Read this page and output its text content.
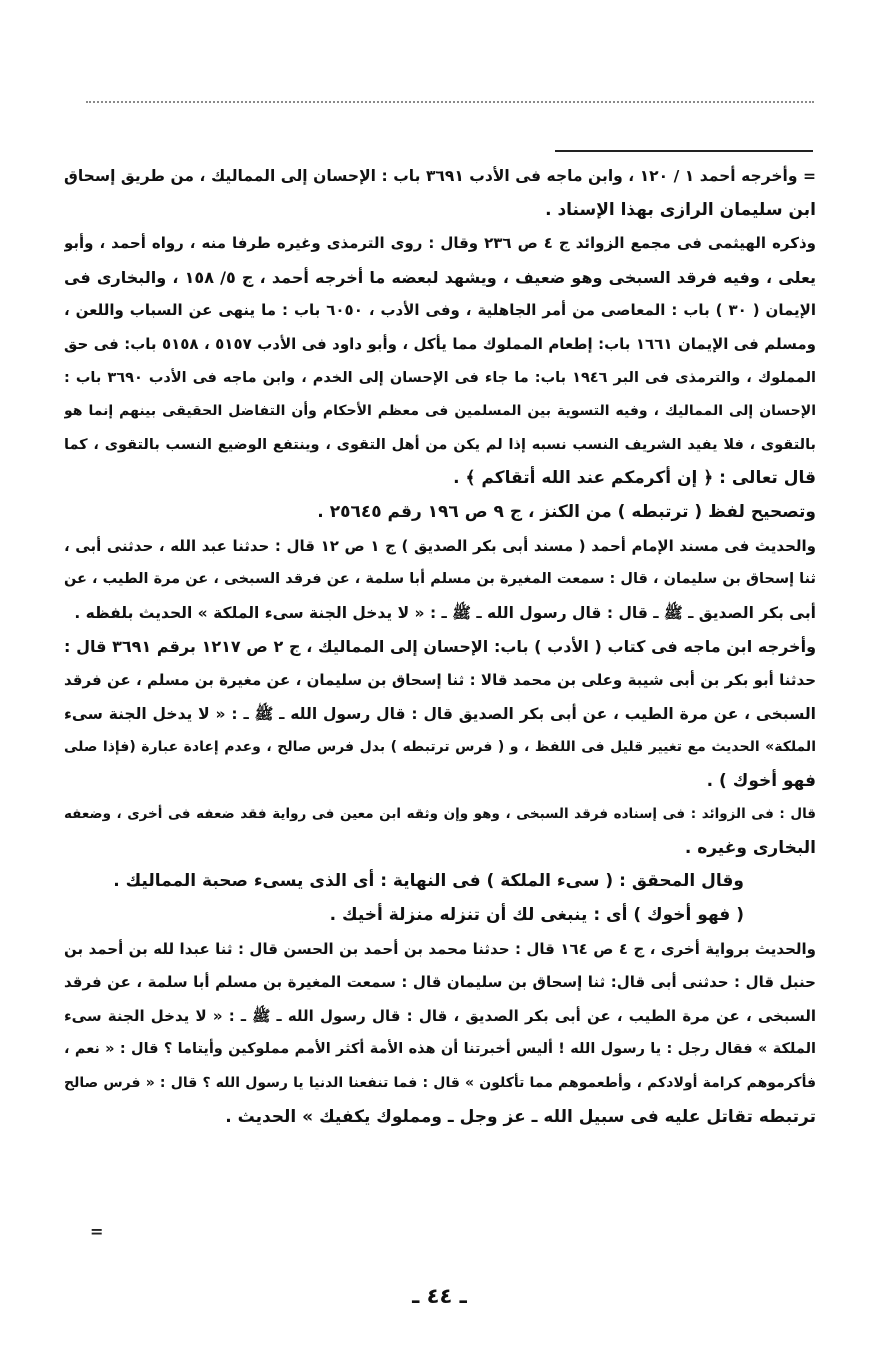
= وأخرجه أحمد ١ / ١٢٠ ، وابن ماجه فى الأدب ٣٦٩١ باب : الإحسان إلى المماليك ، من طريق إسحاق
ابن سليمان الرازى بهذا الإسناد .
وذكره الهيثمى فى مجمع الزوائد ج ٤ ص ٢٣٦ وقال : روى الترمذى وغيره طرفا منه ، رواه أحمد ، وأبو
يعلى ، وفيه فرقد السبخى وهو ضعيف ، ويشهد لبعضه ما أخرجه أحمد ، ج ٥/ ١٥٨ ، والبخارى فى
الإيمان ( ٣٠ ) باب : المعاصى من أمر الجاهلية ، وفى الأدب ، ٦٠٥٠ باب : ما ينهى عن السباب واللعن ،
ومسلم فى الإيمان ١٦٦١ باب: إطعام المملوك مما يأكل ، وأبو داود فى الأدب ٥١٥٧ ، ٥١٥٨ باب: فى حق
المملوك ، والترمذى فى البر ١٩٤٦ باب: ما جاء فى الإحسان إلى الخدم ، وابن ماجه فى الأدب ٣٦٩٠ باب :
الإحسان إلى المماليك ، وفيه التسوية بين المسلمين فى معظم الأحكام وأن التفاضل الحقيقى بينهم إنما هو
بالتقوى ، فلا يفيد الشريف النسب نسبه إذا لم يكن من أهل التقوى ، وينتفع الوضيع النسب بالتقوى ، كما
قال تعالى : ﴿ إن أكرمكم عند الله أتقاكم ﴾ .
وتصحيح لفظ ( ترتبطه ) من الكنز ، ج ٩ ص ١٩٦ رقم ٢٥٦٤٥ .
والحديث فى مسند الإمام أحمد ( مسند أبى بكر الصديق ) ج ١ ص ١٢ قال : حدثنا عبد الله ، حدثنى أبى ،
ثنا إسحاق بن سليمان ، قال : سمعت المغيرة بن مسلم أبا سلمة ، عن فرقد السبخى ، عن مرة الطيب ، عن
أبى بكر الصديق ـ ﷺ ـ قال : قال رسول الله ـ ﷺ ـ : « لا يدخل الجنة سىء الملكة » الحديث بلفظه .
وأخرجه ابن ماجه فى كتاب ( الأدب ) باب: الإحسان إلى المماليك ، ج ٢ ص ١٢١٧ برقم ٣٦٩١ قال :
حدثنا أبو بكر بن أبى شيبة وعلى بن محمد قالا : ثنا إسحاق بن سليمان ، عن مغيرة بن مسلم ، عن فرقد
السبخى ، عن مرة الطيب ، عن أبى بكر الصديق قال : قال رسول الله ـ ﷺ ـ : « لا يدخل الجنة سىء
الملكة» الحديث مع تغيير قليل فى اللفظ ، و ( فرس ترتبطه ) بدل فرس صالح ، وعدم إعادة عبارة (فإذا صلى
فهو أخوك ) .
قال : فى الزوائد : فى إسناده فرقد السبخى ، وهو وإن وثقه ابن معين فى رواية فقد ضعفه فى أخرى ، وضعفه
البخارى وغيره .
وقال المحقق : ( سىء الملكة ) فى النهاية : أى الذى يسىء صحبة المماليك .
( فهو أخوك ) أى : ينبغى لك أن تنزله منزلة أخيك .
والحديث برواية أخرى ، ج ٤ ص ١٦٤ قال : حدثنا محمد بن أحمد بن الحسن قال : ثنا عبدا لله بن أحمد بن
حنبل قال : حدثنى أبى قال: ثنا إسحاق بن سليمان قال : سمعت المغيرة بن مسلم أبا سلمة ، عن فرقد
السبخى ، عن مرة الطيب ، عن أبى بكر الصديق ، قال : قال رسول الله ـ ﷺ ـ : « لا يدخل الجنة سىء
الملكة » فقال رجل : يا رسول الله ! أليس أخبرتنا أن هذه الأمة أكثر الأمم مملوكين وأيتاما ؟ قال : « نعم ،
فأكرموهم كرامة أولادكم ، وأطعموهم مما تأكلون » قال : فما تنفعنا الدنيا يا رسول الله ؟ قال : « فرس صالح
ترتبطه تقاتل عليه فى سبيل الله ـ عز وجل ـ ومملوك يكفيك » الحديث .
=
ـ ٤٤ ـ
